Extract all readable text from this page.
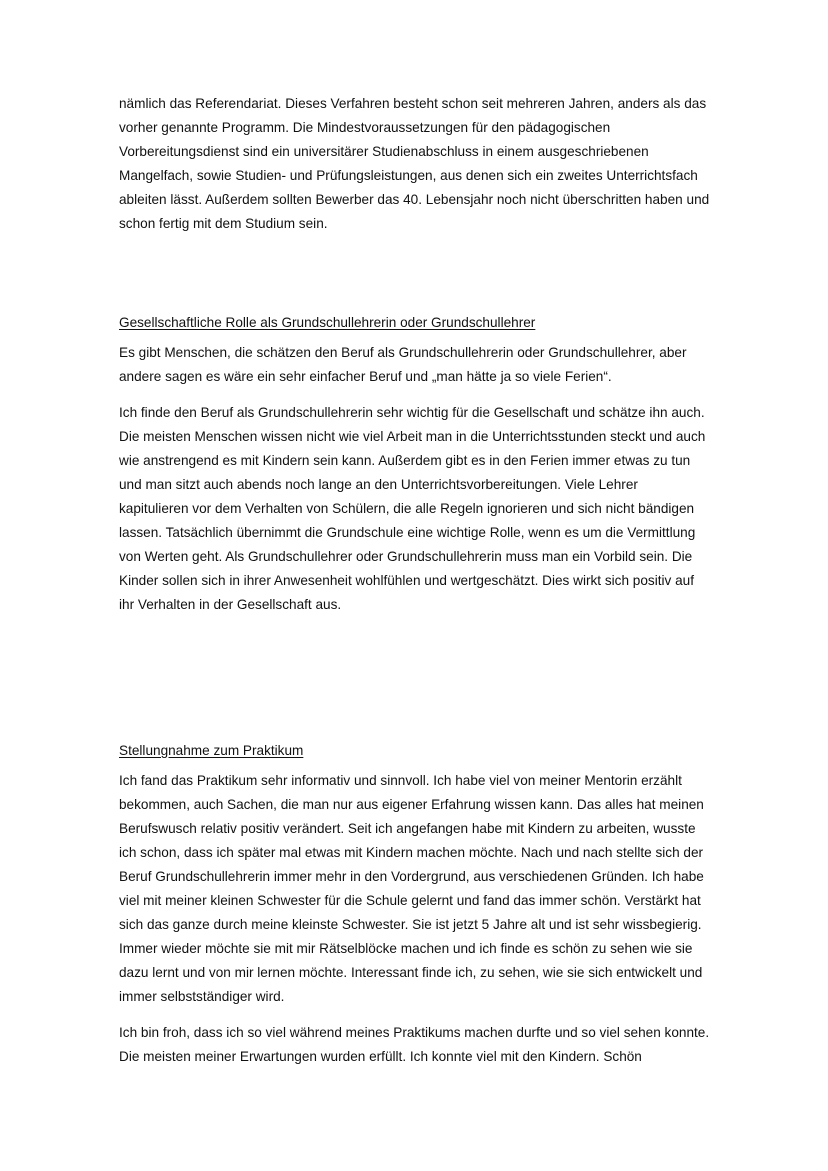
nämlich das Referendariat. Dieses Verfahren besteht schon seit mehreren Jahren, anders als das vorher genannte Programm. Die Mindestvoraussetzungen für den pädagogischen Vorbereitungsdienst sind ein universitärer Studienabschluss in einem ausgeschriebenen Mangelfach, sowie Studien- und Prüfungsleistungen, aus denen sich ein zweites Unterrichtsfach ableiten lässt. Außerdem sollten Bewerber das 40. Lebensjahr noch nicht überschritten haben und schon fertig mit dem Studium sein.

Gesellschaftliche Rolle als Grundschullehrerin oder Grundschullehrer

Es gibt Menschen, die schätzen den Beruf als Grundschullehrerin oder Grundschullehrer, aber andere sagen es wäre ein sehr einfacher Beruf und „man hätte ja so viele Ferien“.

Ich finde den Beruf als Grundschullehrerin sehr wichtig für die Gesellschaft und schätze ihn auch. Die meisten Menschen wissen nicht wie viel Arbeit man in die Unterrichtsstunden steckt und auch wie anstrengend es mit Kindern sein kann. Außerdem gibt es in den Ferien immer etwas zu tun und man sitzt auch abends noch lange an den Unterrichtsvorbereitungen. Viele Lehrer kapitulieren vor dem Verhalten von Schülern, die alle Regeln ignorieren und sich nicht bändigen lassen. Tatsächlich übernimmt die Grundschule eine wichtige Rolle, wenn es um die Vermittlung von Werten geht. Als Grundschullehrer oder Grundschullehrerin muss man ein Vorbild sein. Die Kinder sollen sich in ihrer Anwesenheit wohlfühlen und wertgeschätzt. Dies wirkt sich positiv auf ihr Verhalten in der Gesellschaft aus.

Stellungnahme zum Praktikum

Ich fand das Praktikum sehr informativ und sinnvoll. Ich habe viel von meiner Mentorin erzählt bekommen, auch Sachen, die man nur aus eigener Erfahrung wissen kann. Das alles hat meinen Berufswusch relativ positiv verändert. Seit ich angefangen habe mit Kindern zu arbeiten, wusste ich schon, dass ich später mal etwas mit Kindern machen möchte. Nach und nach stellte sich der Beruf Grundschullehrerin immer mehr in den Vordergrund, aus verschiedenen Gründen. Ich habe viel mit meiner kleinen Schwester für die Schule gelernt und fand das immer schön. Verstärkt hat sich das ganze durch meine kleinste Schwester. Sie ist jetzt 5 Jahre alt und ist sehr wissbegierig. Immer wieder möchte sie mit mir Rätselblöcke machen und ich finde es schön zu sehen wie sie dazu lernt und von mir lernen möchte. Interessant finde ich, zu sehen, wie sie sich entwickelt und immer selbstständiger wird.

Ich bin froh, dass ich so viel während meines Praktikums machen durfte und so viel sehen konnte. Die meisten meiner Erwartungen wurden erfüllt. Ich konnte viel mit den Kindern. Schön
